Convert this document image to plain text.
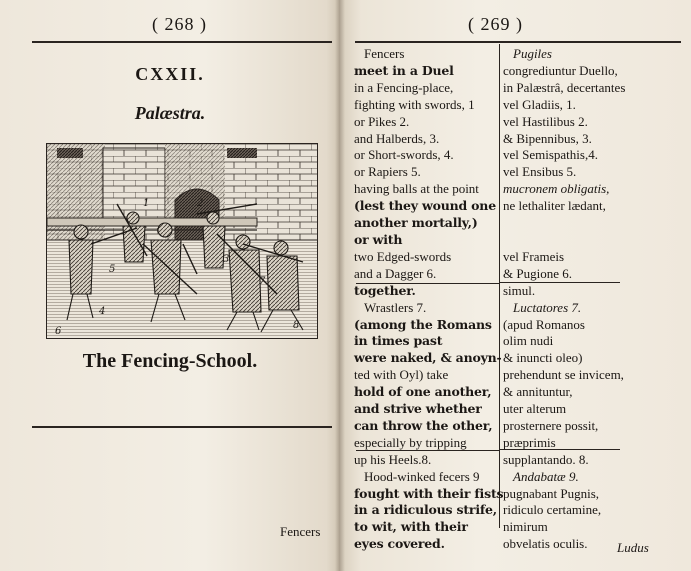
( 268 )
CXXII.
Palæstra.
5
4
1	2
3
7
8
6
The Fencing-School.
Fencers
( 269 )
Fencers
meet in a Duel
in a Fencing-place,
fighting with swords, 1
or Pikes 2.
and Halberds, 3.
or Short-swords, 4.
or Rapiers 5.
having balls at the point
(lest they wound one
another mortally,)
or with
two Edged-swords
and a Dagger 6.
together.
Wrastlers 7.
(among the Romans
in times past
were naked, & anoyn-
ted with Oyl) take
hold of one another,
and strive whether
can throw the other,
especially by tripping
up his Heels.8.
Hood-winked fecers 9
fought with their fists
in a ridiculous strife,
to wit, with their
eyes covered.
Pugiles
congrediuntur Duello,
in Palæstrâ, decertantes
vel Gladiis, 1.
vel Hastilibus 2.
& Bipennibus, 3.
vel Semispathis,4.
vel Ensibus 5.
mucronem obligatis,
ne lethaliter lædant,

vel Frameis
& Pugione 6.
simul.
Luctatores 7.
(apud Romanos
olim nudi
& inuncti oleo)
prehendunt se invicem,
& annituntur,
uter alterum
prosternere possit,
præprimis
supplantando. 8.
Andabatæ 9.
pugnabant Pugnis,
ridiculo certamine,
nimirum
obvelatis oculis.	Ludus
